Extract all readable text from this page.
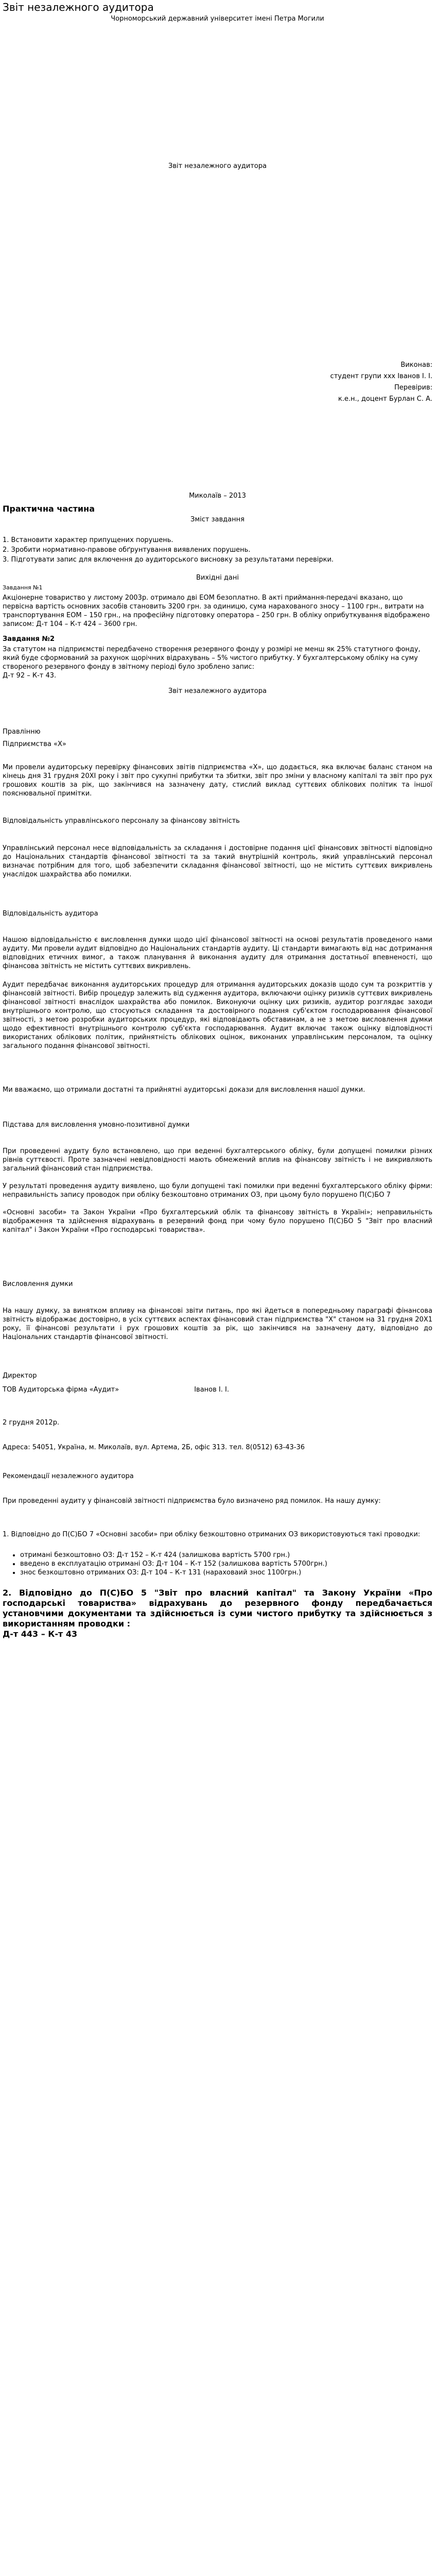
Звіт незалежного аудитора
Чорноморський державний університет імені Петра Могили
Звіт незалежного аудитора
Виконав:
студент групи ххх Іванов І. І.
Перевірив:
к.е.н., доцент Бурлан С. А.
Миколаїв – 2013
Практична частина
Зміст завдання
1. Встановити характер припущених порушень.
2. Зробити нормативно-правове обґрунтування виявлених порушень.
3. Підготувати запис для включення до аудиторського висновку за результатами перевірки.
Вихідні дані
Завдання №1
Акціонерне товариство у листому 2003р. отримало дві ЕОМ безоплатно. В акті приймання-передачі вказано, що первісна вартість основних засобів становить 3200 грн. за одиницю, сума нарахованого зносу – 1100 грн., витрати на транспортування ЕОМ – 150 грн., на професійну підготовку оператора – 250 грн. В обліку оприбуткування відображено записом: Д-т 104 – К-т 424 – 3600 грн.
Завдання №2
За статутом на підприємстві передбачено створення резервного фонду у розмірі не менш як 25% статутного фонду, який буде сформований за рахунок щорічних відрахувань – 5% чистого прибутку. У бухгалтерському обліку на суму створеного резервного фонду в звітному періоді було зроблено запис:
Д-т 92 – К-т 43.
Звіт незалежного аудитора
Правлінню
Підприємства «Х»
Ми провели аудиторську перевірку фінансових звітів підприємства «Х», що додається, яка включає баланс станом на кінець дня 31 грудня 20ХІ року і звіт про сукупні прибутки та збитки, звіт про зміни у власному капіталі та звіт про рух грошових коштів за рік, що закінчився на зазначену дату, стислий виклад суттєвих облікових політик та іншої пояснювальної примітки.
Відповідальність управлінського персоналу за фінансову звітність
Управлінський персонал несе відповідальність за складання і достовірне подання цієї фінансових звітності відповідно до Національних стандартів фінансової звітності та за такий внутрішній контроль, який управлінський персонал визначає потрібним для того, щоб забезпечити складання фінансової звітності, що не містить суттєвих викривлень унаслідок шахрайства або помилки.
Відповідальність аудитора
Нашою відповідальністю є висловлення думки щодо цієї фінансової звітності на основі результатів проведеного нами аудиту. Ми провели аудит відповідно до Національних стандартів аудиту. Ці стандарти вимагають від нас дотримання відповідних етичних вимог, а також планування й виконання аудиту для отримання достатньої впевненості, що фінансова звітність не містить суттєвих викривлень.
Аудит передбачає виконання аудиторських процедур для отримання аудиторських доказів щодо сум та розкриттів у фінансовій звітності. Вибір процедур залежить від судження аудитора, включаючи оцінку ризиків суттєвих викривлень фінансової звітності внаслідок шахрайства або помилок. Виконуючи оцінку цих ризиків, аудитор розглядає заходи внутрішнього контролю, що стосуються складання та достовірного подання суб'єктом господарювання фінансової звітності, з метою розробки аудиторських процедур, які відповідають обставинам, а не з метою висловлення думки щодо ефективності внутрішнього контролю суб'єкта господарювання. Аудит включає також оцінку відповідності використаних облікових політик, прийнятність облікових оцінок, виконаних управлінським персоналом, та оцінку загального подання фінансової звітності.
Ми вважаємо, що отримали достатні та прийнятні аудиторські докази для висловлення нашої думки.
Підстава для висловлення умовно-позитивної думки
При проведенні аудиту було встановлено, що при веденні бухгалтерського обліку, були допущені помилки різних рівнів суттєвості. Проте зазначені невідповідності мають обмежений вплив на фінансову звітність і не викривляють загальний фінансовий стан підприємства.
У результаті проведення аудиту виявлено, що були допущені такі помилки при веденні бухгалтерського обліку фірми: неправильність запису проводок при обліку безкоштовно отриманих ОЗ, при цьому було порушено П(С)БО 7
«Основні засоби» та Закон України «Про бухгалтерський облік та фінансову звітність в Україні»; неправильність відображення та здійснення відрахувань в резервний фонд при чому було порушено П(С)БО 5 "Звіт про власний капітал" і Закон України «Про господарські товариства».
Висловлення думки
На нашу думку, за винятком впливу на фінансові звіти питань, про які йдеться в попередньому параграфі фінансова звітність відображає достовірно, в усіх суттєвих аспектах фінансовий стан підприємства "Х" станом на 31 грудня 20Х1 року, її фінансові результати і рух грошових коштів за рік, що закінчився на зазначену дату, відповідно до Національних стандартів фінансової звітності.
Директор
ТОВ Аудиторська фірма «Аудит»	Іванов І. І.
2 грудня 2012р.
Адреса: 54051, Україна, м. Миколаїв, вул. Артема, 2Б, офіс 313. тел. 8(0512) 63-43-36
Рекомендації незалежного аудитора
При проведенні аудиту у фінансовій звітності підприємства було визначено ряд помилок. На нашу думку:
1. Відповідно до П(С)БО 7 «Основні засоби» при обліку безкоштовно отриманих ОЗ використовуються такі проводки:
• отримані безкоштовно ОЗ: Д-т 152 – К-т 424 (залишкова вартість 5700 грн.)
• введено в експлуатацію отримані ОЗ: Д-т 104 – К-т 152 (залишкова вартість 5700грн.)
• знос безкоштовно отриманих ОЗ: Д-т 104 – К-т 131 (нараховаий знос 1100грн.)
2. Відповідно до П(С)БО 5 "Звіт про власний капітал" та Закону України «Про господарські товариства» відрахувань до резервного фонду передбачається установчими документами та здійснюється із суми чистого прибутку та здійснюється з використанням проводки :
Д-т 443 – К-т 43
